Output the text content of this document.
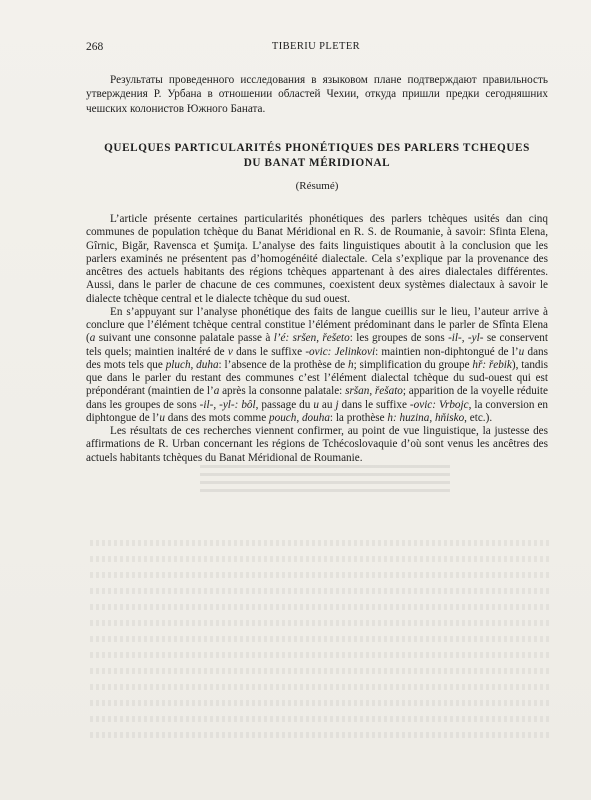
268	TIBERIU PLETER

Результаты проведенного исследования в языковом плане подтверждают правильность утверждения Р. Урбана в отношении областей Чехии, откуда пришли предки сегодняшних чешских колонистов Южного Баната.

QUELQUES PARTICULARITÉS PHONÉTIQUES DES PARLERS TCHEQUES
DU BANAT MÉRIDIONAL
(Résumé)

L’article présente certaines particularités phonétiques des parlers tchèques usités dan cinq communes de population tchèque du Banat Méridional en R. S. de Roumanie, à savoir: Sfinta Elena, Gîrnic, Bigăr, Ravensca et Şumiţa. L’analyse des faits linguistiques aboutit à la conclusion que les parlers examinés ne présentent pas d’homogénéité dialectale. Cela s’explique par la provenance des ancêtres des actuels habitants des régions tchèques appartenant à des aires dialectales différentes. Aussi, dans le parler de chacune de ces communes, coexistent deux systèmes dialectaux à savoir le dialecte tchèque central et le dialecte tchèque du sud ouest.

En s’appuyant sur l’analyse phonétique des faits de langue cueillis sur le lieu, l’auteur arrive à conclure que l’élément tchèque central constitue l’élément prédominant dans le parler de Sfînta Elena (a suivant une consonne palatale passe à l’é: sršen, řešeto: les groupes de sons -il-, -yl- se conservent tels quels; maintien inaltéré de v dans le suffixe -ovic: Jelinkovi: maintien non-diphtongué de l’u dans des mots tels que pluch, duha: l’absence de la prothèse de h; simplification du groupe hř: řebik), tandis que dans le parler du restant des communes c’est l’élément dialectal tchèque du sud-ouest qui est prépondérant (maintien de l’a après la consonne palatale: sršan, řešato; apparition de la voyelle réduite dans les groupes de sons -il-, -yl-: bôl, passage du u au j dans le suffixe -ovic: Vrbojc, la conversion en diphtongue de l’u dans des mots comme pouch, douha: la prothèse h: huzina, hňisko, etc.).

Les résultats de ces recherches viennent confirmer, au point de vue linguistique, la justesse des affirmations de R. Urban concernant les régions de Tchécoslovaquie d’où sont venus les ancêtres des actuels habitants tchèques du Banat Méridional de Roumanie.
